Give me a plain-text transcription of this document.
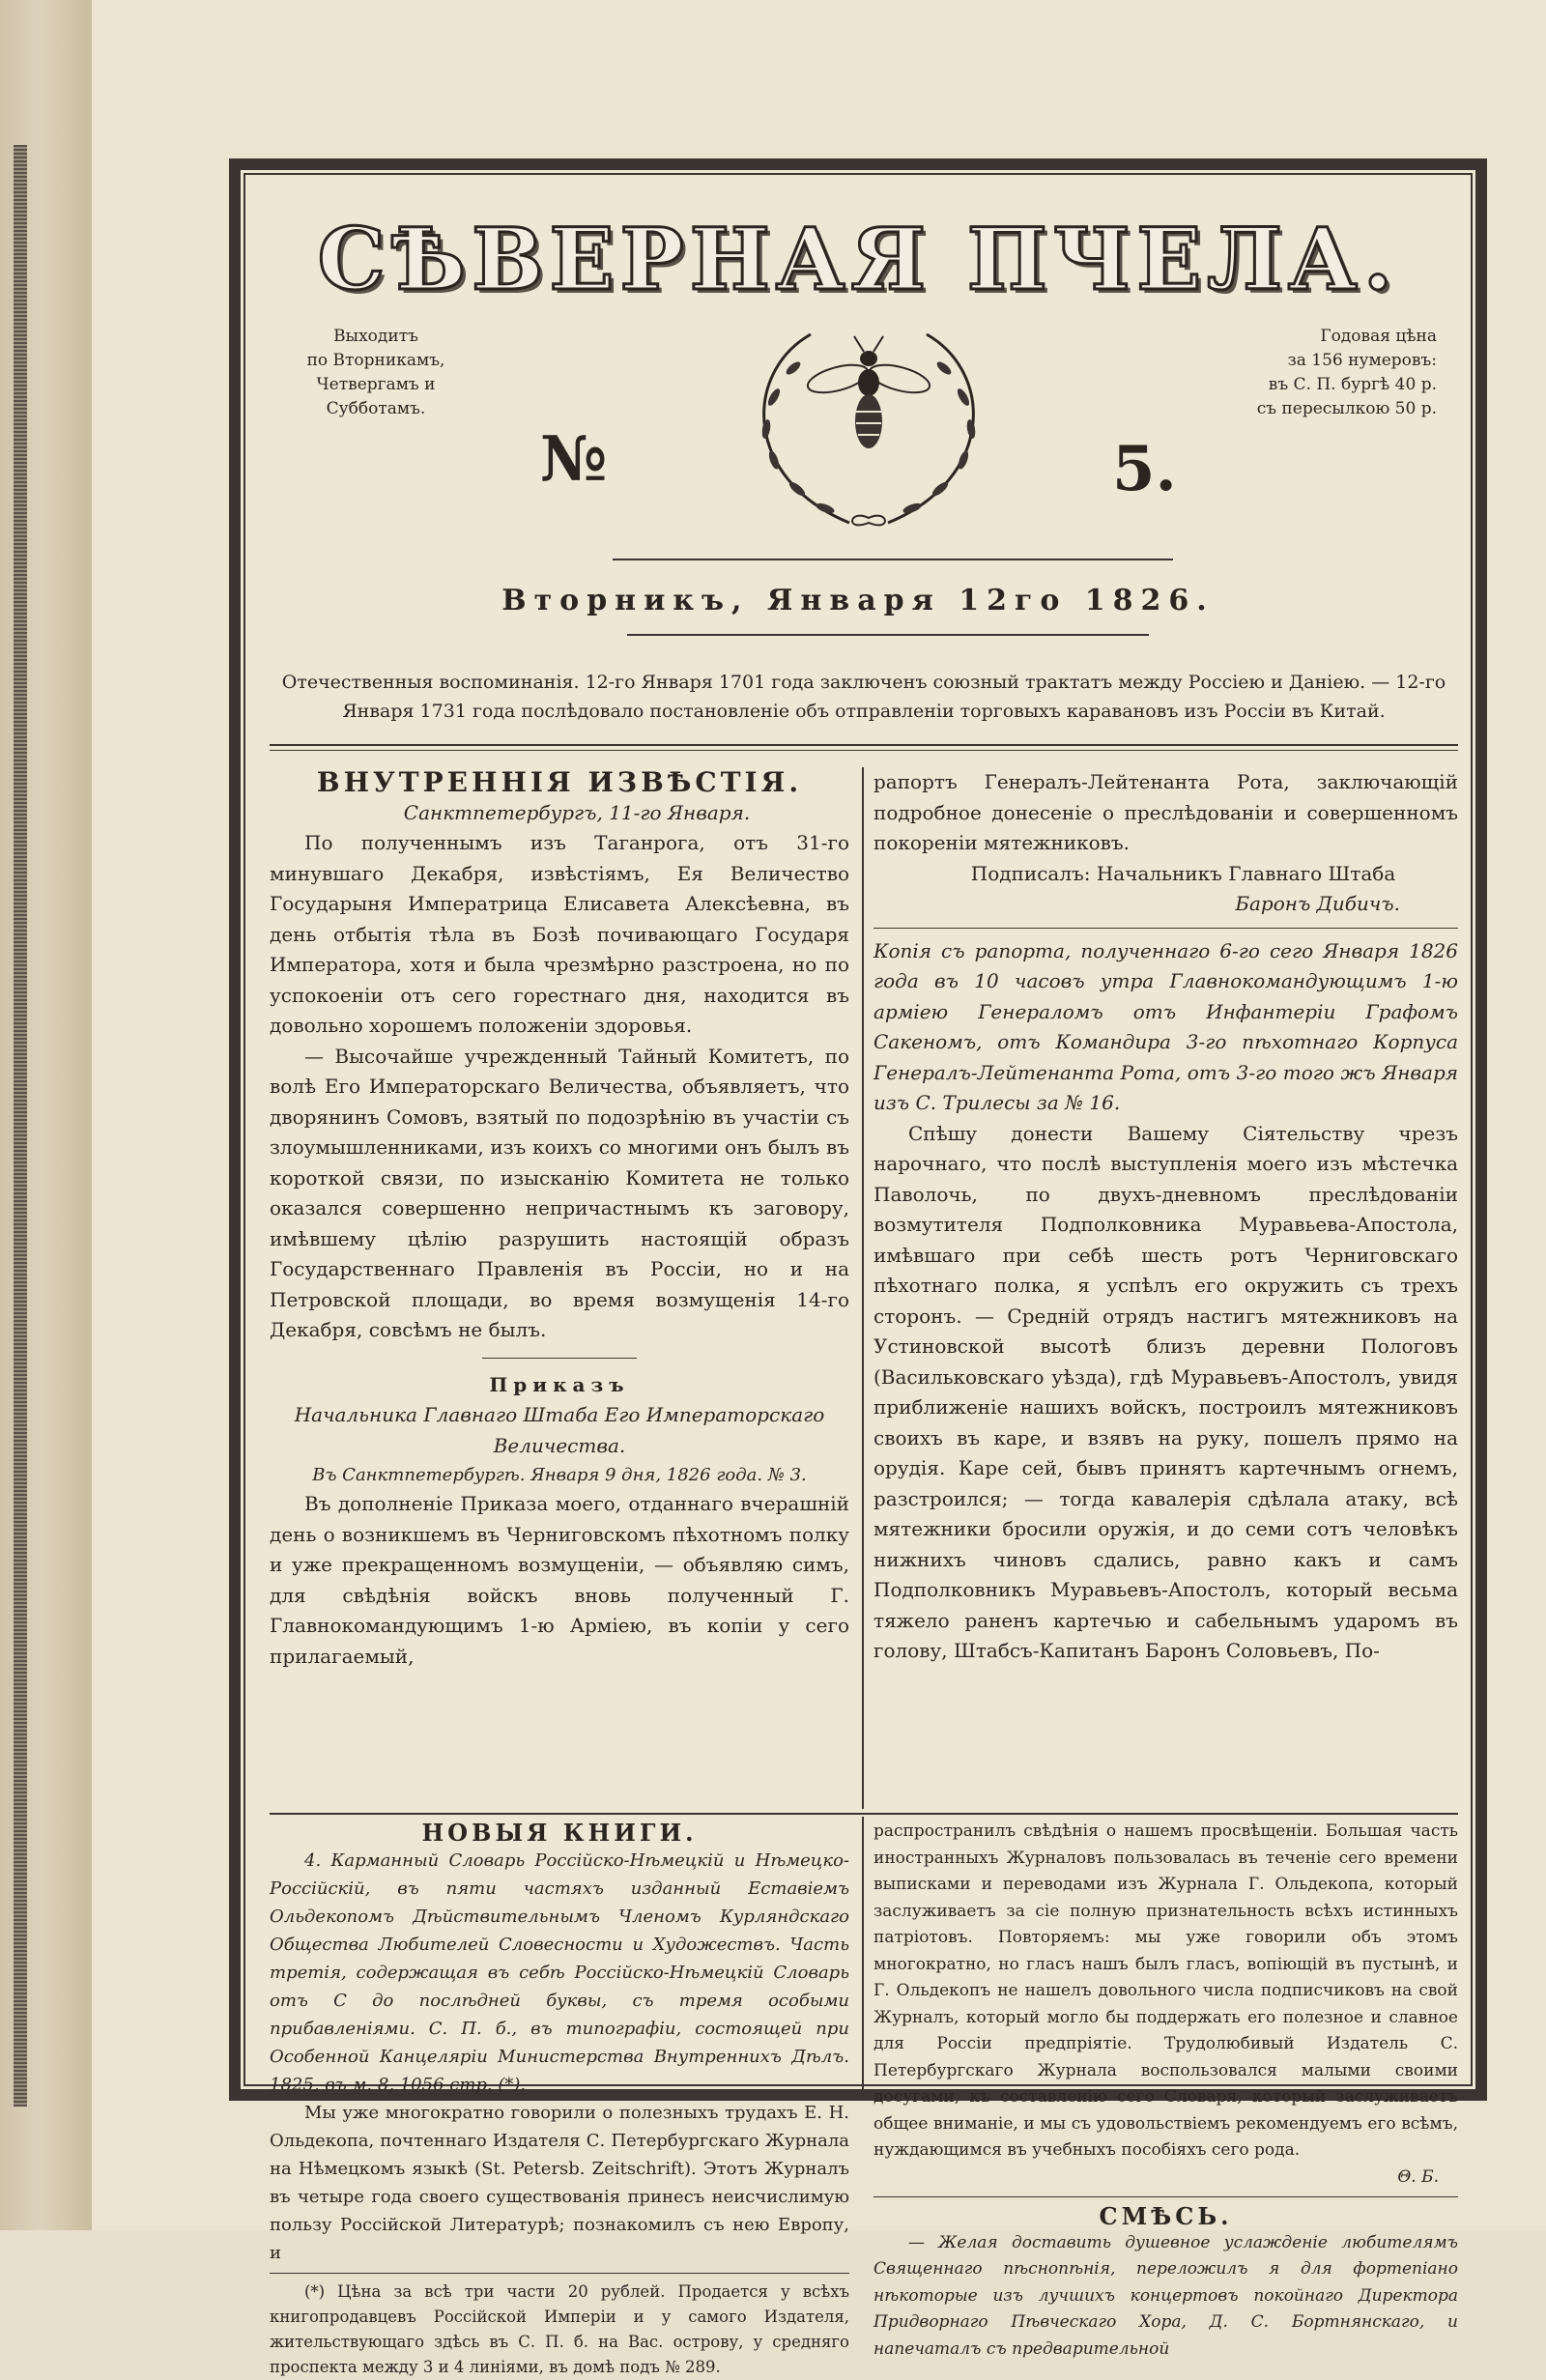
СѢВЕРНАЯ ПЧЕЛА.
Выходитъ
по Вторникамъ,
Четвергамъ и
Субботамъ.
Годовая цѣна
за 156 нумеровъ:
въ С. П. бургѣ 40 р.
съ пересылкою 50 р.
№	5.
Вторникъ, Января 12го 1826.
Отечественныя воспоминанія. 12-го Января 1701 года заключенъ союзный трактатъ между Россіею и Даніею. — 12-го Января 1731 года послѣдовало постановленіе объ отправленіи торговыхъ каравановъ изъ Россіи въ Китай.
ВНУТРЕННІЯ ИЗВѢСТІЯ.

Санктпетербургъ, 11-го Января.

По полученнымъ изъ Таганрога, отъ 31-го минувшаго Декабря, извѣстіямъ, Ея Величество Государыня Императрица Елисавета Алексѣевна, въ день отбытія тѣла въ Бозѣ почивающаго Государя Императора, хотя и была чрезмѣрно разстроена, но по успокоеніи отъ сего горестнаго дня, находится въ довольно хорошемъ положеніи здоровья.

— Высочайше учрежденный Тайный Комитетъ, по волѣ Его Императорскаго Величества, объявляетъ, что дворянинъ Сомовъ, взятый по подозрѣнію въ участіи съ злоумышленниками, изъ коихъ со многими онъ былъ въ короткой связи, по изысканію Комитета не только оказался совершенно непричастнымъ къ заговору, имѣвшему цѣлію разрушить настоящій образъ Государственнаго Правленія въ Россіи, но и на Петровской площади, во время возмущенія 14-го Декабря, совсѣмъ не былъ.

Приказъ

Начальника Главнаго Штаба Его Императорскаго Величества.

Въ Санктпетербургѣ. Января 9 дня, 1826 года. № 3.

Въ дополненіе Приказа моего, отданнаго вчерашній день о возникшемъ въ Черниговскомъ пѣхотномъ полку и уже прекращенномъ возмущеніи, — объявляю симъ, для свѣдѣнія войскъ вновь полученный Г. Главнокомандующимъ 1-ю Арміею, въ копіи у сего прилагаемый,

рапортъ Генералъ-Лейтенанта Рота, заключающій подробное донесеніе о преслѣдованіи и совершенномъ покореніи мятежниковъ.

Подписалъ: Начальникъ Главнаго Штаба

Баронъ Дибичъ.

Копія съ рапорта, полученнаго 6-го сего Января 1826 года въ 10 часовъ утра Главнокомандующимъ 1-ю арміею Генераломъ отъ Инфантеріи Графомъ Сакеномъ, отъ Командира 3-го пѣхотнаго Корпуса Генералъ-Лейтенанта Рота, отъ 3-го того жъ Января изъ С. Трилесы за № 16.

Спѣшу донести Вашему Сіятельству чрезъ нарочнаго, что послѣ выступленія моего изъ мѣстечка Паволочь, по двухъ-дневномъ преслѣдованіи возмутителя Подполковника Муравьева-Апостола, имѣвшаго при себѣ шесть ротъ Черниговскаго пѣхотнаго полка, я успѣлъ его окружить съ трехъ сторонъ. — Средній отрядъ настигъ мятежниковъ на Устиновской высотѣ близъ деревни Пологовъ (Васильковскаго уѣзда), гдѣ Муравьевъ-Апостолъ, увидя приближеніе нашихъ войскъ, построилъ мятежниковъ своихъ въ каре, и взявъ на руку, пошелъ прямо на орудія. Каре сей, бывъ принятъ картечнымъ огнемъ, разстроился; — тогда кавалерія сдѣлала атаку, всѣ мятежники бросили оружія, и до семи сотъ человѣкъ нижнихъ чиновъ сдались, равно какъ и самъ Подполковникъ Муравьевъ-Апостолъ, который весьма тяжело раненъ картечью и сабельнымъ ударомъ въ голову, Штабсъ-Капитанъ Баронъ Соловьевъ, По-

НОВЫЯ КНИГИ.

4. Карманный Словарь Россійско-Нѣмецкій и Нѣмецко-Россійскій, въ пяти частяхъ изданный Еставіемъ Ольдекопомъ Дѣйствительнымъ Членомъ Курляндскаго Общества Любителей Словесности и Художествъ. Часть третія, содержащая въ себѣ Россійско-Нѣмецкій Словарь отъ С до послѣдней буквы, съ тремя особыми прибавленіями. С. П. б., въ типографіи, состоящей при Особенной Канцеляріи Министерства Внутреннихъ Дѣлъ. 1825, въ м. 8, 1056 стр. (*).

Мы уже многократно говорили о полезныхъ трудахъ Е. Н. Ольдекопа, почтеннаго Издателя С. Петербургскаго Журнала на Нѣмецкомъ языкѣ (St. Petersb. Zeitschrift). Этотъ Журналъ въ четыре года своего существованія принесъ неисчислимую пользу Россійской Литературѣ; познакомилъ съ нею Европу, и

(*) Цѣна за всѣ три части 20 рублей. Продается у всѣхъ книгопродавцевъ Россійской Имперіи и у самого Издателя, жительствующаго здѣсь въ С. П. б. на Вас. острову, у средняго проспекта между 3 и 4 линіями, въ домѣ подъ № 289.

распространилъ свѣдѣнія о нашемъ просвѣщеніи. Большая часть иностранныхъ Журналовъ пользовалась въ теченіе сего времени выписками и переводами изъ Журнала Г. Ольдекопа, который заслуживаетъ за сіе полную признательность всѣхъ истинныхъ патріотовъ. Повторяемъ: мы уже говорили объ этомъ многократно, но гласъ нашъ былъ гласъ, вопіющій въ пустынѣ, и Г. Ольдекопъ не нашелъ довольного числа подписчиковъ на свой Журналъ, который могло бы поддержать его полезное и славное для Россіи предпріятіе. Трудолюбивый Издатель С. Петербургскаго Журнала воспользовался малыми своими досугами, къ составленію сего Словаря, который заслуживаетъ общее вниманіе, и мы съ удовольствіемъ рекомендуемъ его всѣмъ, нуждающимся въ учебныхъ пособіяхъ сего рода.

Θ. Б.

СМѢСЬ.

— Желая доставить душевное услажденіе любителямъ Священнаго пѣснопѣнія, переложилъ я для фортепіано нѣкоторые изъ лучшихъ концертовъ покойнаго Директора Придворнаго Пѣвческаго Хора, Д. С. Бортнянскаго, и напечаталъ съ предварительной
